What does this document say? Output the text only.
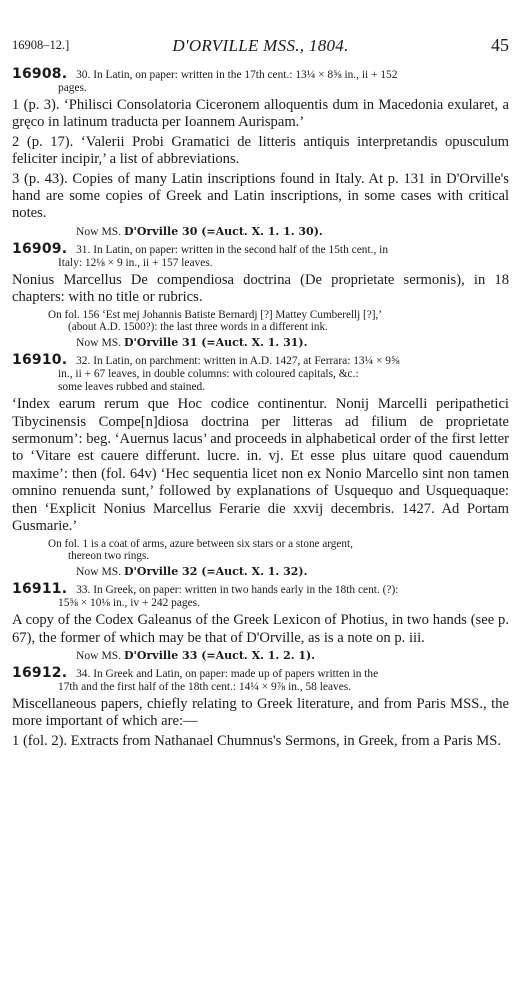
16908–12.]	D'ORVILLE MSS., 1804.	45
16908. 30. In Latin, on paper: written in the 17th cent.: 13¼ × 8⅝ in., ii + 152
pages.

1 (p. 3). ‘Philisci Consolatoria Ciceronem alloquentis dum in Macedonia exularet, a gręco in latinum traducta per Ioannem Aurispam.’

2 (p. 17). ‘Valerii Probi Gramatici de litteris antiquis interpretandis opusculum feliciter incipir,’ a list of abbreviations.

3 (p. 43). Copies of many Latin inscriptions found in Italy. At p. 131 in D'Orville's hand are some copies of Greek and Latin inscriptions, in some cases with critical notes.

Now MS. D'Orville 30 (=Auct. X. 1. 1. 30).
16909. 31. In Latin, on paper: written in the second half of the 15th cent., in
Italy: 12⅛ × 9 in., ii + 157 leaves.

Nonius Marcellus De compendiosa doctrina (De proprietate sermonis), in 18 chapters: with no title or rubrics.

On fol. 156 ‘Est mej Johannis Batiste Bernardj [?] Mattey Cumberellj [?],’
(about A.D. 1500?): the last three words in a different ink.
Now MS. D'Orville 31 (=Auct. X. 1. 31).
16910. 32. In Latin, on parchment: written in A.D. 1427, at Ferrara: 13¼ × 9⅝
in., ii + 67 leaves, in double columns: with coloured capitals, &c.:
some leaves rubbed and stained.

‘Index earum rerum que Hoc codice continentur. Nonij Marcelli peripathetici Tibycinensis Compe[n]diosa doctrina per litteras ad filium de proprietate sermonum’: beg. ‘Auernus lacus’ and proceeds in alphabetical order of the first letter to ‘Vitare est cauere differunt. lucre. in. vj. Et esse plus uitare quod cauendum maxime’: then (fol. 64v) ‘Hec sequentia licet non ex Nonio Marcello sint non tamen omnino renuenda sunt,’ followed by explanations of Usquequo and Usquequaque: then ‘Explicit Nonius Marcellus Ferarie die xxvij decembris. 1427. Ad Portam Gusmarie.’

On fol. 1 is a coat of arms, azure between six stars or a stone argent,
thereon two rings.
Now MS. D'Orville 32 (=Auct. X. 1. 32).
16911. 33. In Greek, on paper: written in two hands early in the 18th cent. (?):
15⅝ × 10⅛ in., iv + 242 pages.

A copy of the Codex Galeanus of the Greek Lexicon of Photius, in two hands (see p. 67), the former of which may be that of D'Orville, as is a note on p. iii.

Now MS. D'Orville 33 (=Auct. X. 1. 2. 1).
16912. 34. In Greek and Latin, on paper: made up of papers written in the
17th and the first half of the 18th cent.: 14¼ × 9⅞ in., 58 leaves.

Miscellaneous papers, chiefly relating to Greek literature, and from Paris MSS., the more important of which are:—

1 (fol. 2). Extracts from Nathanael Chumnus's Sermons, in Greek, from a Paris MS.
